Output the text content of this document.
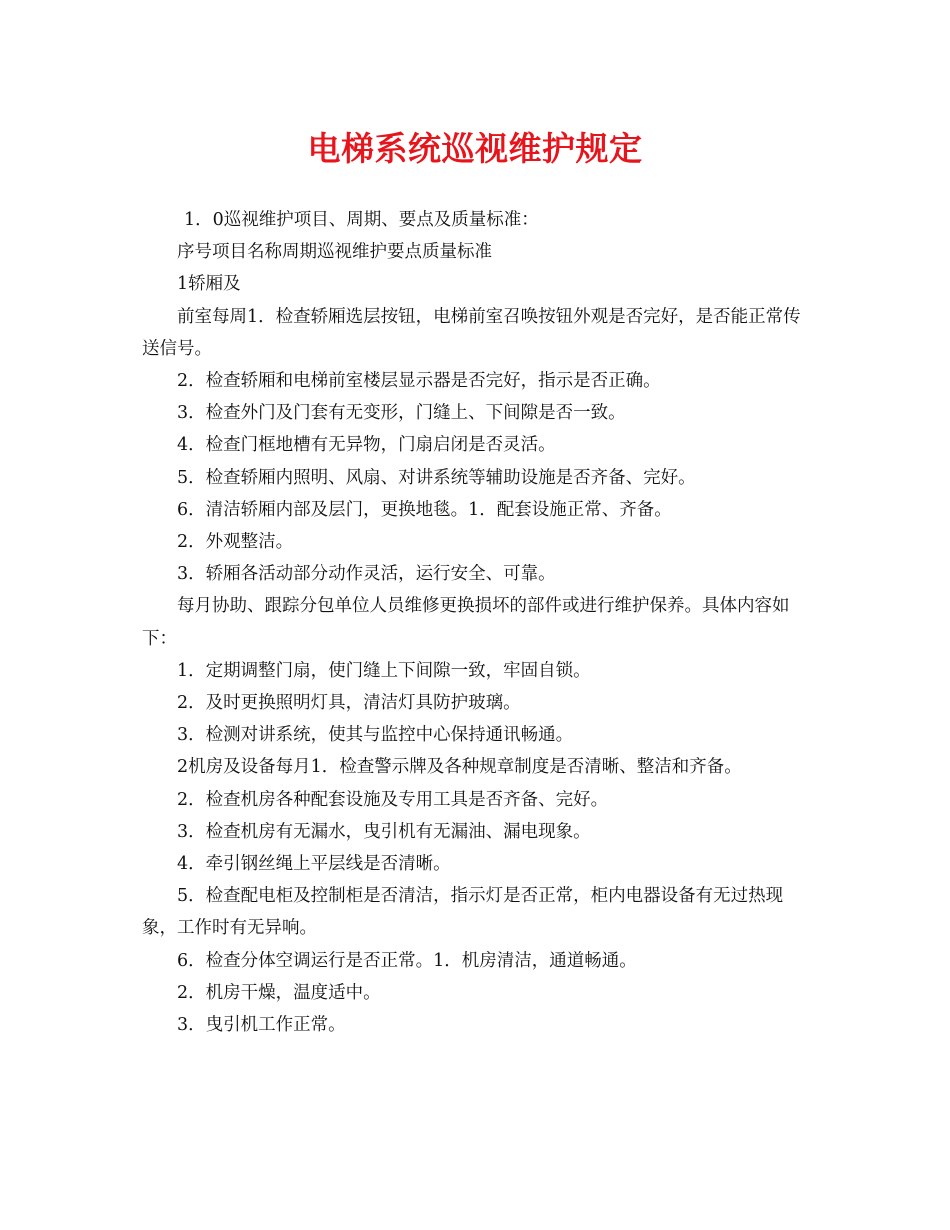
电梯系统巡视维护规定

1．0巡视维护项目、周期、要点及质量标准：

序号项目名称周期巡视维护要点质量标准

1轿厢及

前室每周1．检查轿厢选层按钮，电梯前室召唤按钮外观是否完好，是否能正常传送信号。

2．检查轿厢和电梯前室楼层显示器是否完好，指示是否正确。

3．检查外门及门套有无变形，门缝上、下间隙是否一致。

4．检查门框地槽有无异物，门扇启闭是否灵活。

5．检查轿厢内照明、风扇、对讲系统等辅助设施是否齐备、完好。

6．清洁轿厢内部及层门，更换地毯。1．配套设施正常、齐备。

2．外观整洁。

3．轿厢各活动部分动作灵活，运行安全、可靠。

每月协助、跟踪分包单位人员维修更换损坏的部件或进行维护保养。具体内容如下：

1．定期调整门扇，使门缝上下间隙一致，牢固自锁。

2．及时更换照明灯具，清洁灯具防护玻璃。

3．检测对讲系统，使其与监控中心保持通讯畅通。

2机房及设备每月1．检查警示牌及各种规章制度是否清晰、整洁和齐备。

2．检查机房各种配套设施及专用工具是否齐备、完好。

3．检查机房有无漏水，曳引机有无漏油、漏电现象。

4．牵引钢丝绳上平层线是否清晰。

5．检查配电柜及控制柜是否清洁，指示灯是否正常，柜内电器设备有无过热现象，工作时有无异响。

6．检查分体空调运行是否正常。1．机房清洁，通道畅通。

2．机房干燥，温度适中。

3．曳引机工作正常。
